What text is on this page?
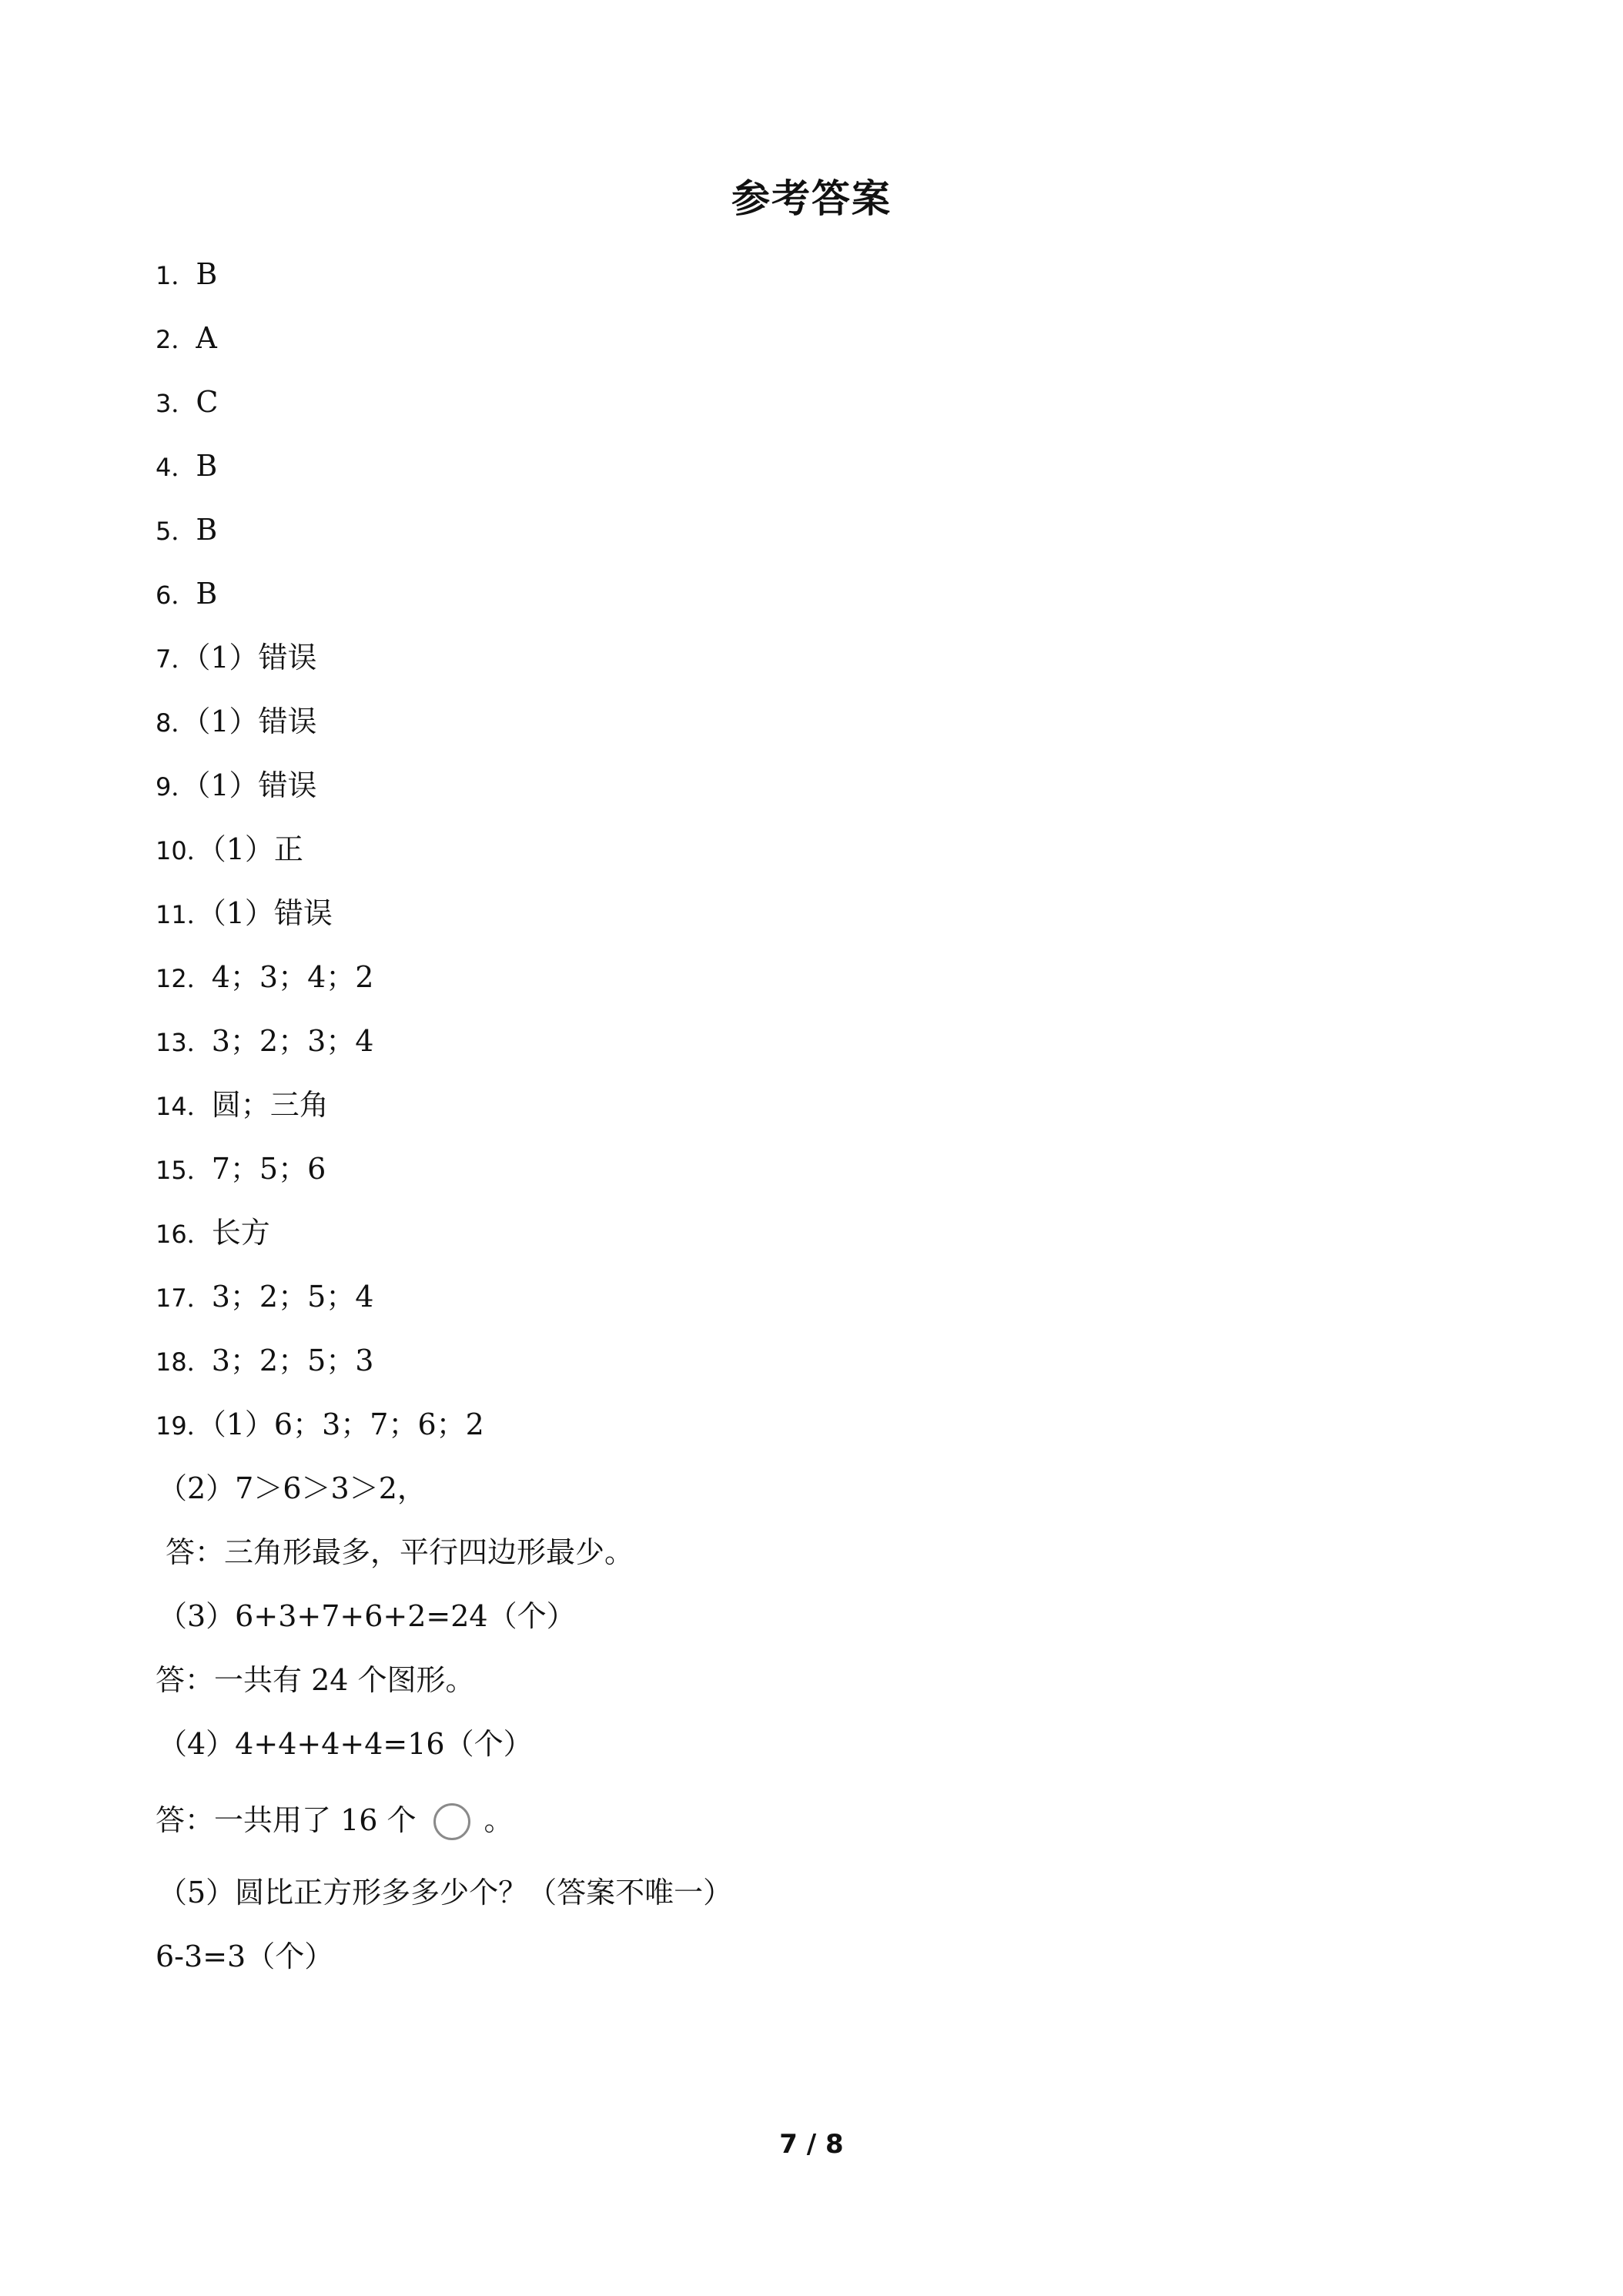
参考答案
1．B
2．A
3．C
4．B
5．B
6．B
7．（1）错误
8．（1）错误
9．（1）错误
10．（1）正
11．（1）错误
12．4；3；4；2
13．3；2；3；4
14．圆；三角
15．7；5；6
16．长方
17．3；2；5；4
18．3；2；5；3
19．（1）6；3；7；6；2
（2）7＞6＞3＞2，
答：三角形最多，平行四边形最少。
（3）6+3+7+6+2=24（个）
答：一共有 24 个图形。
（4）4+4+4+4=16（个）
答：一共用了 16 个 。
（5）圆比正方形多多少个？（答案不唯一）
6-3=3（个）
7 / 8
